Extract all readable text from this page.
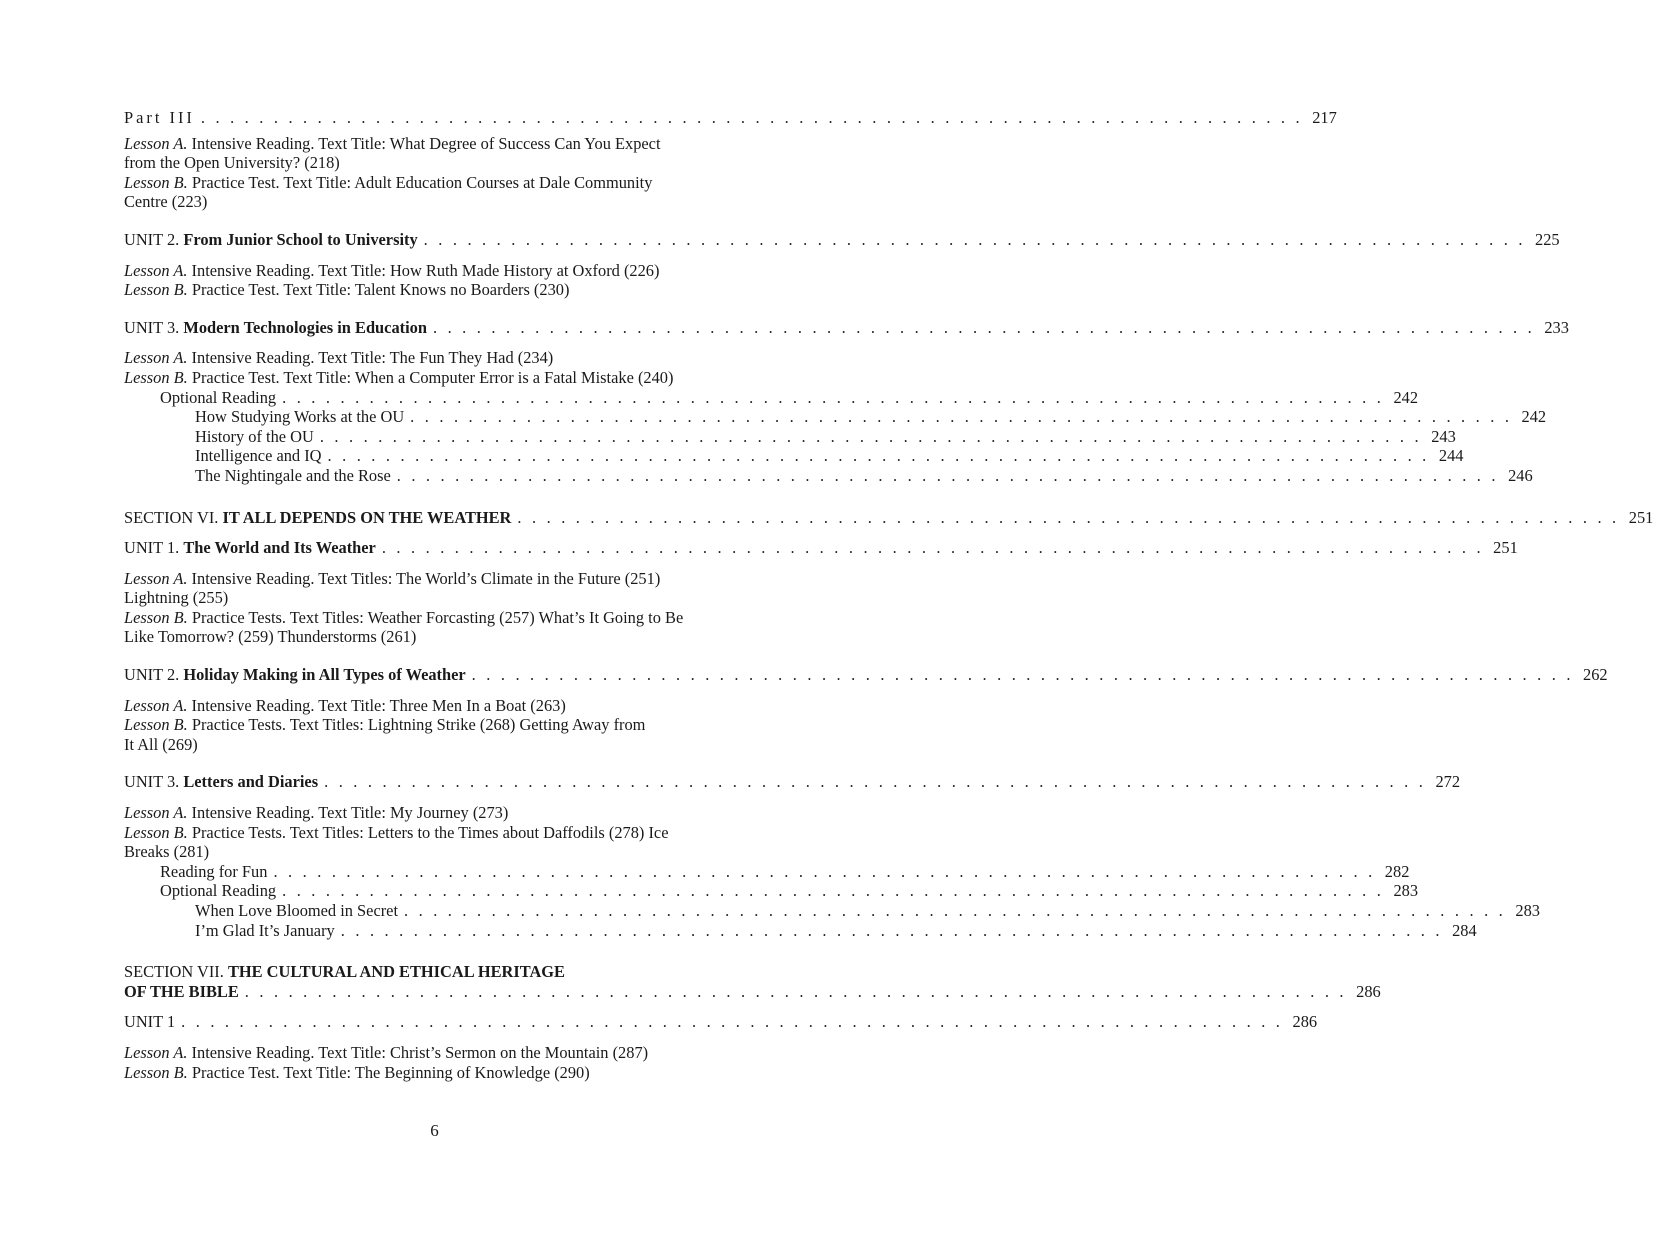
Part III . . . . . . . . . . . . . . . . . . . . . . . . . . . . . . . . . . . . . . . . . . . . . . . . . . . . . . . . . . . . . . . . . . . . . . . . . . . . 217
Lesson A. Intensive Reading. Text Title: What Degree of Success Can You Expect
from the Open University? (218)
Lesson B. Practice Test. Text Title: Adult Education Courses at Dale Community
Centre (223)
UNIT 2. From Junior School to University . . . . . . . . . . . . . . . . . . . . . . . . . . . . . . . . . . . . . . . . . . . . . . . . . . . . . . . . . . . . . . . . . . . . . . . . . . . . 225
Lesson A. Intensive Reading. Text Title: How Ruth Made History at Oxford (226)
Lesson B. Practice Test. Text Title: Talent Knows no Boarders (230)
UNIT 3. Modern Technologies in Education . . . . . . . . . . . . . . . . . . . . . . . . . . . . . . . . . . . . . . . . . . . . . . . . . . . . . . . . . . . . . . . . . . . . . . . . . . . . 233
Lesson A. Intensive Reading. Text Title: The Fun They Had (234)
Lesson B. Practice Test. Text Title: When a Computer Error is a Fatal Mistake (240)
Optional Reading . . . . . . . . . . . . . . . . . . . . . . . . . . . . . . . . . . . . . . . . . . . . . . . . . . . . . . . . . . . . . . . . . . . . . . . . . . . . 242
How Studying Works at the OU . . . . . . . . . . . . . . . . . . . . . . . . . . . . . . . . . . . . . . . . . . . . . . . . . . . . . . . . . . . . . . . . . . . . . . . . . . . . 242
History of the OU . . . . . . . . . . . . . . . . . . . . . . . . . . . . . . . . . . . . . . . . . . . . . . . . . . . . . . . . . . . . . . . . . . . . . . . . . . . . 243
Intelligence and IQ . . . . . . . . . . . . . . . . . . . . . . . . . . . . . . . . . . . . . . . . . . . . . . . . . . . . . . . . . . . . . . . . . . . . . . . . . . . . 244
The Nightingale and the Rose . . . . . . . . . . . . . . . . . . . . . . . . . . . . . . . . . . . . . . . . . . . . . . . . . . . . . . . . . . . . . . . . . . . . . . . . . . . . 246
SECTION VI. IT ALL DEPENDS ON THE WEATHER . . . . . . . . . . . . . . . . . . . . . . . . . . . . . . . . . . . . . . . . . . . . . . . . . . . . . . . . . . . . . . . . . . . . . . . . . . . . 251
UNIT 1. The World and Its Weather . . . . . . . . . . . . . . . . . . . . . . . . . . . . . . . . . . . . . . . . . . . . . . . . . . . . . . . . . . . . . . . . . . . . . . . . . . . . 251
Lesson A. Intensive Reading. Text Titles: The World’s Climate in the Future (251)
Lightning (255)
Lesson B. Practice Tests. Text Titles: Weather Forcasting (257) What’s It Going to Be
Like Tomorrow? (259) Thunderstorms (261)
UNIT 2. Holiday Making in All Types of Weather . . . . . . . . . . . . . . . . . . . . . . . . . . . . . . . . . . . . . . . . . . . . . . . . . . . . . . . . . . . . . . . . . . . . . . . . . . . . 262
Lesson A. Intensive Reading. Text Title: Three Men In a Boat (263)
Lesson B. Practice Tests. Text Titles: Lightning Strike (268) Getting Away from
It All (269)
UNIT 3. Letters and Diaries . . . . . . . . . . . . . . . . . . . . . . . . . . . . . . . . . . . . . . . . . . . . . . . . . . . . . . . . . . . . . . . . . . . . . . . . . . . . 272
Lesson A. Intensive Reading. Text Title: My Journey (273)
Lesson B. Practice Tests. Text Titles: Letters to the Times about Daffodils (278) Ice
Breaks (281)
Reading for Fun . . . . . . . . . . . . . . . . . . . . . . . . . . . . . . . . . . . . . . . . . . . . . . . . . . . . . . . . . . . . . . . . . . . . . . . . . . . . 282
Optional Reading . . . . . . . . . . . . . . . . . . . . . . . . . . . . . . . . . . . . . . . . . . . . . . . . . . . . . . . . . . . . . . . . . . . . . . . . . . . . 283
When Love Bloomed in Secret . . . . . . . . . . . . . . . . . . . . . . . . . . . . . . . . . . . . . . . . . . . . . . . . . . . . . . . . . . . . . . . . . . . . . . . . . . . . 283
I’m Glad It’s January . . . . . . . . . . . . . . . . . . . . . . . . . . . . . . . . . . . . . . . . . . . . . . . . . . . . . . . . . . . . . . . . . . . . . . . . . . . . 284
SECTION VII. THE CULTURAL AND ETHICAL HERITAGE
OF THE BIBLE . . . . . . . . . . . . . . . . . . . . . . . . . . . . . . . . . . . . . . . . . . . . . . . . . . . . . . . . . . . . . . . . . . . . . . . . . . . . 286
UNIT 1 . . . . . . . . . . . . . . . . . . . . . . . . . . . . . . . . . . . . . . . . . . . . . . . . . . . . . . . . . . . . . . . . . . . . . . . . . . . . 286
Lesson A. Intensive Reading. Text Title: Christ’s Sermon on the Mountain (287)
Lesson B. Practice Test. Text Title: The Beginning of Knowledge (290)
6
